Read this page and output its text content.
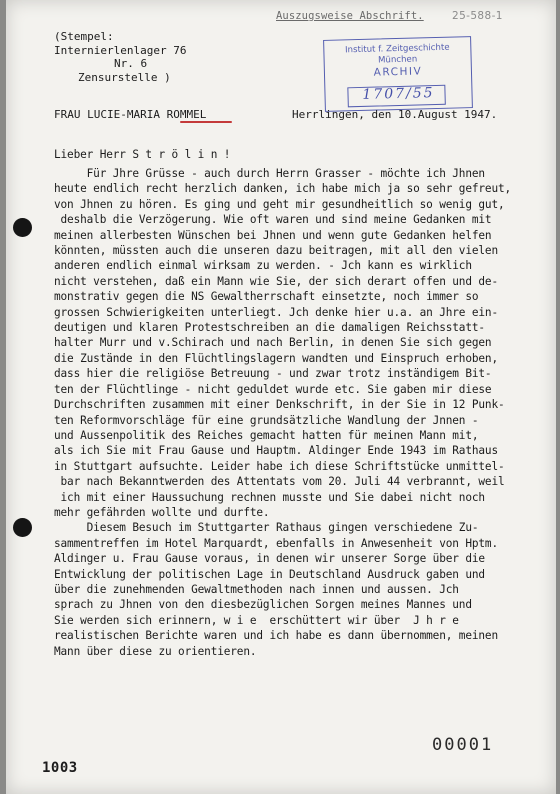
Auszugsweise Abschrift.	25-588-1
(Stempel:
Internierlenlager 76
Nr. 6
Zensurstelle )
Institut f. Zeitgeschichte
München
ARCHIV
1707/55
FRAU LUCIE-MARIA ROMMEL	Herrlingen, den 10.August 1947.
Lieber Herr S t r ö l i n !
Für Jhre Grüsse - auch durch Herrn Grasser - möchte ich Jhnen
heute endlich recht herzlich danken, ich habe mich ja so sehr gefreut,
von Jhnen zu hören. Es ging und geht mir gesundheitlich so wenig gut,
deshalb die Verzögerung. Wie oft waren und sind meine Gedanken mit
meinen allerbesten Wünschen bei Jhnen und wenn gute Gedanken helfen
könnten, müssten auch die unseren dazu beitragen, mit all den vielen
anderen endlich einmal wirksam zu werden. - Jch kann es wirklich
nicht verstehen, daß ein Mann wie Sie, der sich derart offen und de-
monstrativ gegen die NS Gewaltherrschaft einsetzte, noch immer so
grossen Schwierigkeiten unterliegt. Jch denke hier u.a. an Jhre ein-
deutigen und klaren Protestschreiben an die damaligen Reichsstatt-
halter Murr und v.Schirach und nach Berlin, in denen Sie sich gegen
die Zustände in den Flüchtlingslagern wandten und Einspruch erhoben,
dass hier die religiöse Betreuung - und zwar trotz inständigem Bit-
ten der Flüchtlinge - nicht geduldet wurde etc. Sie gaben mir diese
Durchschriften zusammen mit einer Denkschrift, in der Sie in 12 Punk-
ten Reformvorschläge für eine grundsätzliche Wandlung der Jnnen -
und Aussenpolitik des Reiches gemacht hatten für meinen Mann mit,
als ich Sie mit Frau Gause und Hauptm. Aldinger Ende 1943 im Rathaus
in Stuttgart aufsuchte. Leider habe ich diese Schriftstücke unmittel-
bar nach Bekanntwerden des Attentats vom 20. Juli 44 verbrannt, weil
ich mit einer Haussuchung rechnen musste und Sie dabei nicht noch
mehr gefährden wollte und durfte.
Diesem Besuch im Stuttgarter Rathaus gingen verschiedene Zu-
sammentreffen im Hotel Marquardt, ebenfalls in Anwesenheit von Hptm.
Aldinger u. Frau Gause voraus, in denen wir unserer Sorge über die
Entwicklung der politischen Lage in Deutschland Ausdruck gaben und
über die zunehmenden Gewaltmethoden nach innen und aussen. Jch
sprach zu Jhnen von den diesbezüglichen Sorgen meines Mannes und
Sie werden sich erinnern, w i e  erschüttert wir über  J h r e
realistischen Berichte waren und ich habe es dann übernommen, meinen
Mann über diese zu orientieren.
00001
1003
